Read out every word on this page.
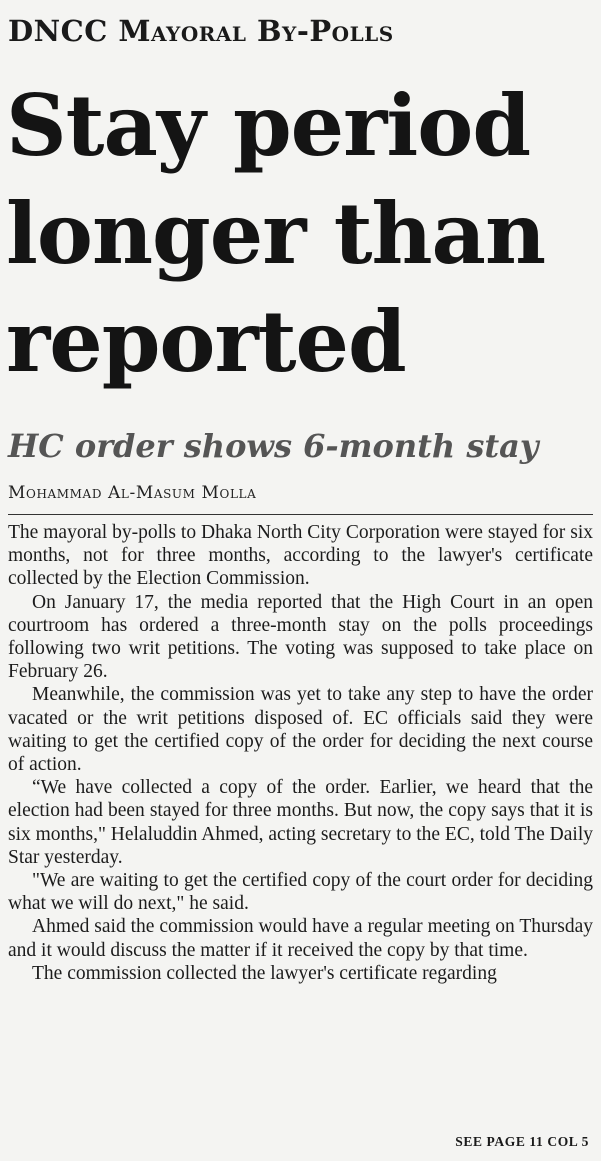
DNCC Mayoral By-Polls
Stay period
longer than
reported
HC order shows 6-month stay
Mohammad Al-Masum Molla

The mayoral by-polls to Dhaka North City Corporation were stayed for six months, not for three months, according to the lawyer's certificate collected by the Election Commission.

On January 17, the media reported that the High Court in an open courtroom has ordered a three-month stay on the polls proceedings following two writ petitions. The voting was supposed to take place on February 26.

Meanwhile, the commission was yet to take any step to have the order vacated or the writ petitions disposed of. EC officials said they were waiting to get the certified copy of the order for deciding the next course of action.

“We have collected a copy of the order. Earlier, we heard that the election had been stayed for three months. But now, the copy says that it is six months," Helaluddin Ahmed, acting secretary to the EC, told The Daily Star yesterday.

"We are waiting to get the certified copy of the court order for deciding what we will do next," he said.

Ahmed said the commission would have a regular meeting on Thursday and it would discuss the matter if it received the copy by that time.

The commission collected the lawyer's certificate regarding

SEE PAGE 11 COL 5
